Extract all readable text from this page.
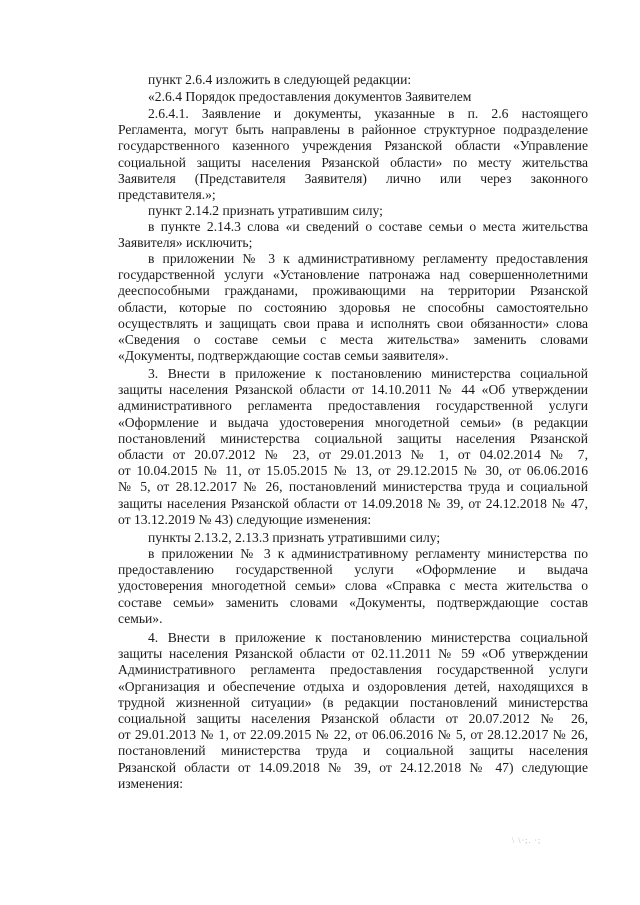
пункт 2.6.4 изложить в следующей редакции:
«2.6.4 Порядок предоставления документов Заявителем
2.6.4.1. Заявление и документы, указанные в п. 2.6 настоящего
Регламента, могут быть направлены в районное структурное подразделение
государственного казенного учреждения Рязанской области «Управление
социальной защиты населения Рязанской области» по месту жительства
Заявителя (Представителя Заявителя) лично или через законного
представителя.»;
пункт 2.14.2 признать утратившим силу;
в пункте 2.14.3 слова «и сведений о составе семьи о места жительства
Заявителя» исключить;
в приложении № 3 к административному регламенту предоставления
государственной услуги «Установление патронажа над совершеннолетними
дееспособными гражданами, проживающими на территории Рязанской
области, которые по состоянию здоровья не способны самостоятельно
осуществлять и защищать свои права и исполнять свои обязанности» слова
«Сведения о составе семьи с места жительства» заменить словами
«Документы, подтверждающие состав семьи заявителя».
3. Внести в приложение к постановлению министерства социальной
защиты населения Рязанской области от 14.10.2011 № 44 «Об утверждении
административного регламента предоставления государственной услуги
«Оформление и выдача удостоверения многодетной семьи» (в редакции
постановлений министерства социальной защиты населения Рязанской
области от 20.07.2012 № 23, от 29.01.2013 № 1, от 04.02.2014 № 7,
от 10.04.2015 № 11, от 15.05.2015 № 13, от 29.12.2015 № 30, от 06.06.2016
№ 5, от 28.12.2017 № 26, постановлений министерства труда и социальной
защиты населения Рязанской области от 14.09.2018 № 39, от 24.12.2018 № 47,
от 13.12.2019 № 43) следующие изменения:
пункты 2.13.2, 2.13.3 признать утратившими силу;
в приложении № 3 к административному регламенту министерства по
предоставлению государственной услуги «Оформление и выдача
удостоверения многодетной семьи» слова «Справка с места жительства о
составе семьи» заменить словами «Документы, подтверждающие состав
семьи».
4. Внести в приложение к постановлению министерства социальной
защиты населения Рязанской области от 02.11.2011 № 59 «Об утверждении
Административного регламента предоставления государственной услуги
«Организация и обеспечение отдыха и оздоровления детей, находящихся в
трудной жизненной ситуации» (в редакции постановлений министерства
социальной защиты населения Рязанской области от 20.07.2012 № 26,
от 29.01.2013 № 1, от 22.09.2015 № 22, от 06.06.2016 № 5, от 28.12.2017 № 26,
постановлений министерства труда и социальной защиты населения
Рязанской области от 14.09.2018 № 39, от 24.12.2018 № 47) следующие
изменения:
\ \·;. ·;
